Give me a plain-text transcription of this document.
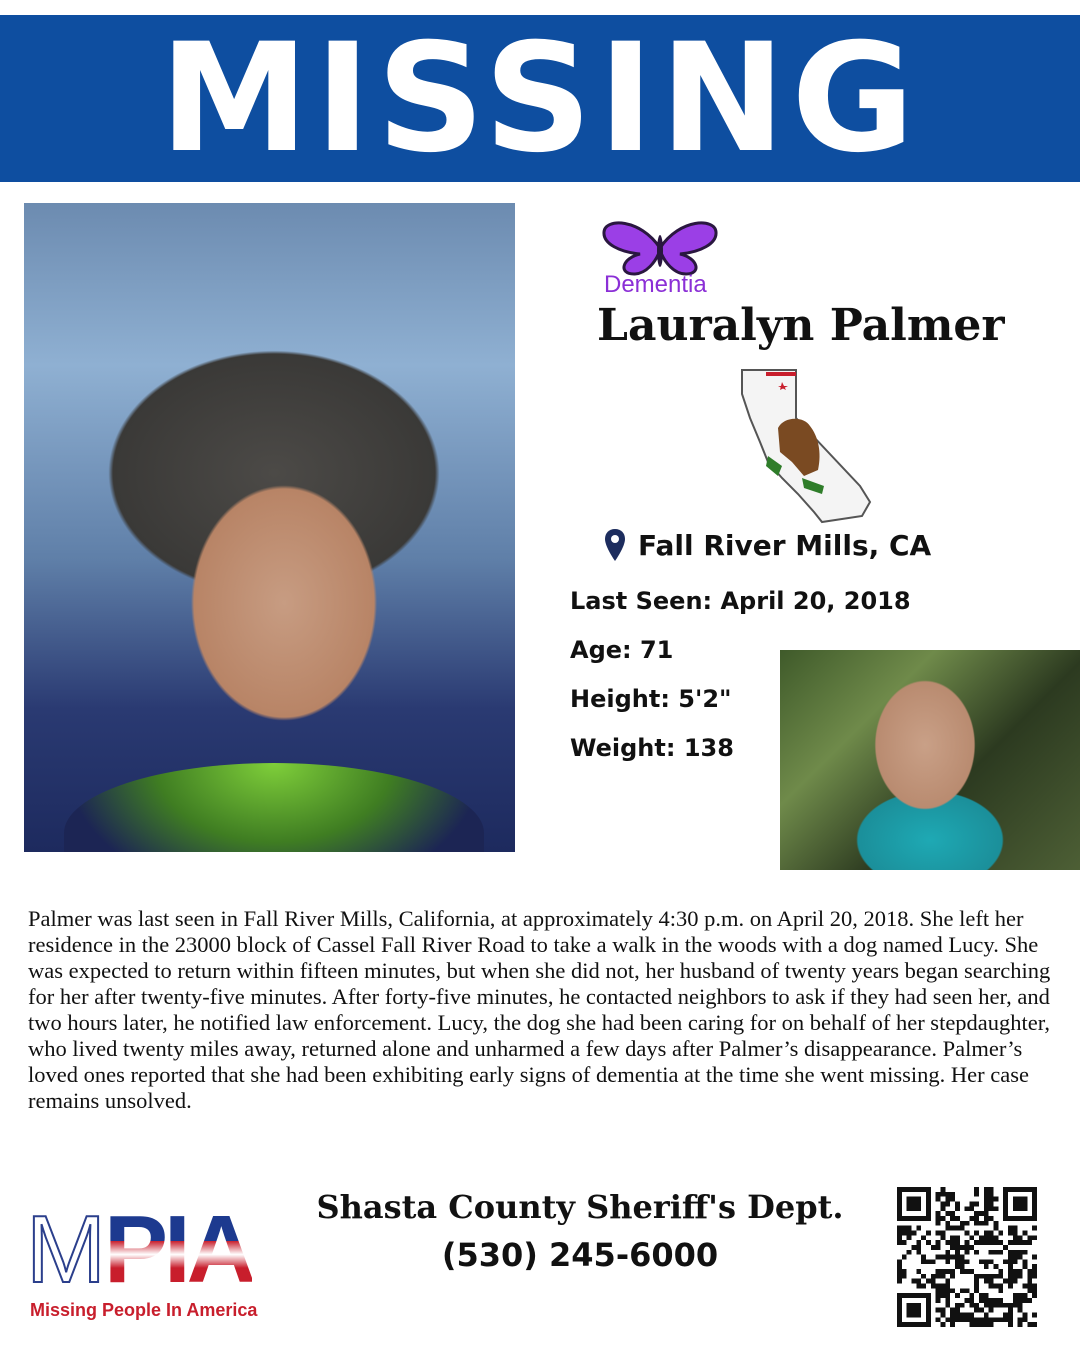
MISSING
Dementia
Lauralyn Palmer
Fall River Mills, CA
Last Seen: April 20, 2018
Age: 71
Height: 5'2"
Weight: 138

Palmer was last seen in Fall River Mills, California, at approximately 4:30 p.m. on April 20, 2018. She left her residence in the 23000 block of Cassel Fall River Road to take a walk in the woods with a dog named Lucy. She was expected to return within fifteen minutes, but when she did not, her husband of twenty years began searching for her after twenty-five minutes. After forty-five minutes, he contacted neighbors to ask if they had seen her, and two hours later, he notified law enforcement. Lucy, the dog she had been caring for on behalf of her stepdaughter, who lived twenty miles away, returned alone and unharmed a few days after Palmer’s disappearance. Palmer’s loved ones reported that she had been exhibiting early signs of dementia at the time she went missing. Her case remains unsolved.

M PIA
Missing People In America
Shasta County Sheriff's Dept.
(530) 245-6000
